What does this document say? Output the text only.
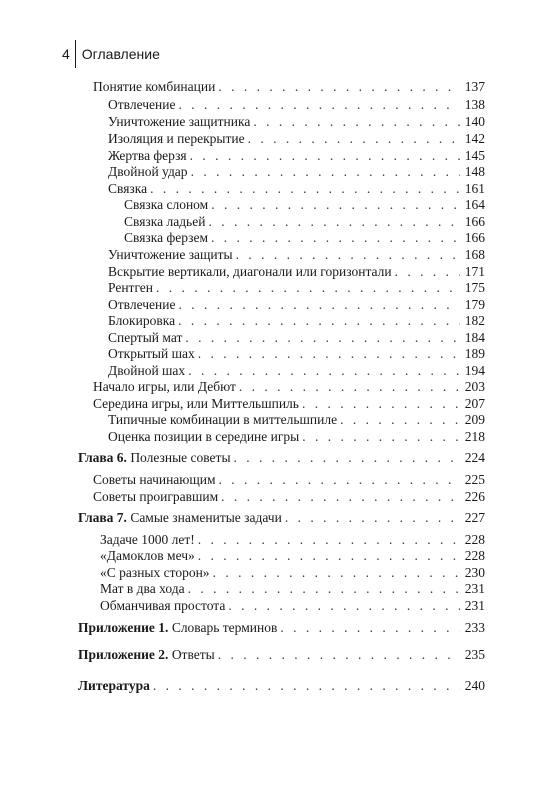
4 Оглавление
Понятие комбинации . . .	137
Отвлечение . . .	138
Уничтожение защитника . . .	140
Изоляция и перекрытие . . .	142
Жертва ферзя . . .	145
Двойной удар . . .	148
Связка . . .	161
Связка слоном . . .	164
Связка ладьей . . .	166
Связка ферзем . . .	166
Уничтожение защиты . . .	168
Вскрытие вертикали, диагонали или горизонтали . . .	171
Рентген . . .	175
Отвлечение . . .	179
Блокировка . . .	182
Спертый мат . . .	184
Открытый шах . . .	189
Двойной шах . . .	194
Начало игры, или Дебют . . .	203
Середина игры, или Миттельшпиль . . .	207
Типичные комбинации в миттельшпиле . . .	209
Оценка позиции в середине игры . . .	218
Глава 6. Полезные советы . . .	224
Советы начинающим . . .	225
Советы проигравшим . . .	226
Глава 7. Самые знаменитые задачи . . .	227
Задаче 1000 лет! . . .	228
«Дамоклов меч» . . .	228
«С разных сторон» . . .	230
Мат в два хода . . .	231
Обманчивая простота . . .	231
Приложение 1. Словарь терминов . . .	233
Приложение 2. Ответы . . .	235
Литература . . .	240
